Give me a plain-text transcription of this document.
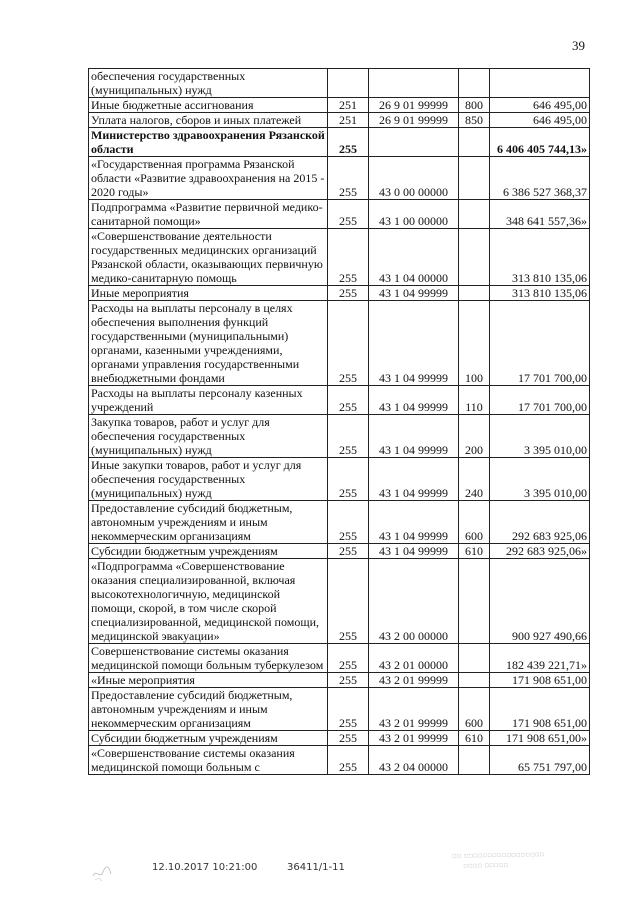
39
обеспечения государственных (муниципальных) нужд				
Иные бюджетные ассигнования	251	26 9 01 99999	800	646 495,00
Уплата налогов, сборов и иных платежей	251	26 9 01 99999	850	646 495,00
Министерство здравоохранения Рязанской области	255			6 406 405 744,13»
«Государственная программа Рязанской области «Развитие здравоохранения на 2015 - 2020 годы»	255	43 0 00 00000		6 386 527 368,37
Подпрограмма «Развитие первичной медико-санитарной помощи»	255	43 1 00 00000		348 641 557,36»
«Совершенствование деятельности государственных медицинских организаций Рязанской области, оказывающих первичную медико-санитарную помощь	255	43 1 04 00000		313 810 135,06
Иные мероприятия	255	43 1 04 99999		313 810 135,06
Расходы на выплаты персоналу в целях обеспечения выполнения функций государственными (муниципальными) органами, казенными учреждениями, органами управления государственными внебюджетными фондами	255	43 1 04 99999	100	17 701 700,00
Расходы на выплаты персоналу казенных учреждений	255	43 1 04 99999	110	17 701 700,00
Закупка товаров, работ и услуг для обеспечения государственных (муниципальных) нужд	255	43 1 04 99999	200	3 395 010,00
Иные закупки товаров, работ и услуг для обеспечения государственных (муниципальных) нужд	255	43 1 04 99999	240	3 395 010,00
Предоставление субсидий бюджетным, автономным учреждениям и иным некоммерческим организациям	255	43 1 04 99999	600	292 683 925,06
Субсидии бюджетным учреждениям	255	43 1 04 99999	610	292 683 925,06»
«Подпрограмма «Совершенствование оказания специализированной, включая высокотехнологичную, медицинской помощи, скорой, в том числе скорой специализированной, медицинской помощи, медицинской эвакуации»	255	43 2 00 00000		900 927 490,66
Совершенствование системы оказания медицинской помощи больным туберкулезом	255	43 2 01 00000		182 439 221,71»
«Иные мероприятия	255	43 2 01 99999		171 908 651,00
Предоставление субсидий бюджетным, автономным учреждениям и иным некоммерческим организациям	255	43 2 01 99999	600	171 908 651,00
Субсидии бюджетным учреждениям	255	43 2 01 99999	610	171 908 651,00»
«Совершенствование системы оказания медицинской помощи больным с	255	43 2 04 00000		65 751 797,00
12.10.2017 10:21:00	36411/1-11
▫▫ ▫▫▫▫▫▫▫▫▫▫▫▫▫▫▫▫▫
▫▫▫▫ ▫▫▫▫▫
